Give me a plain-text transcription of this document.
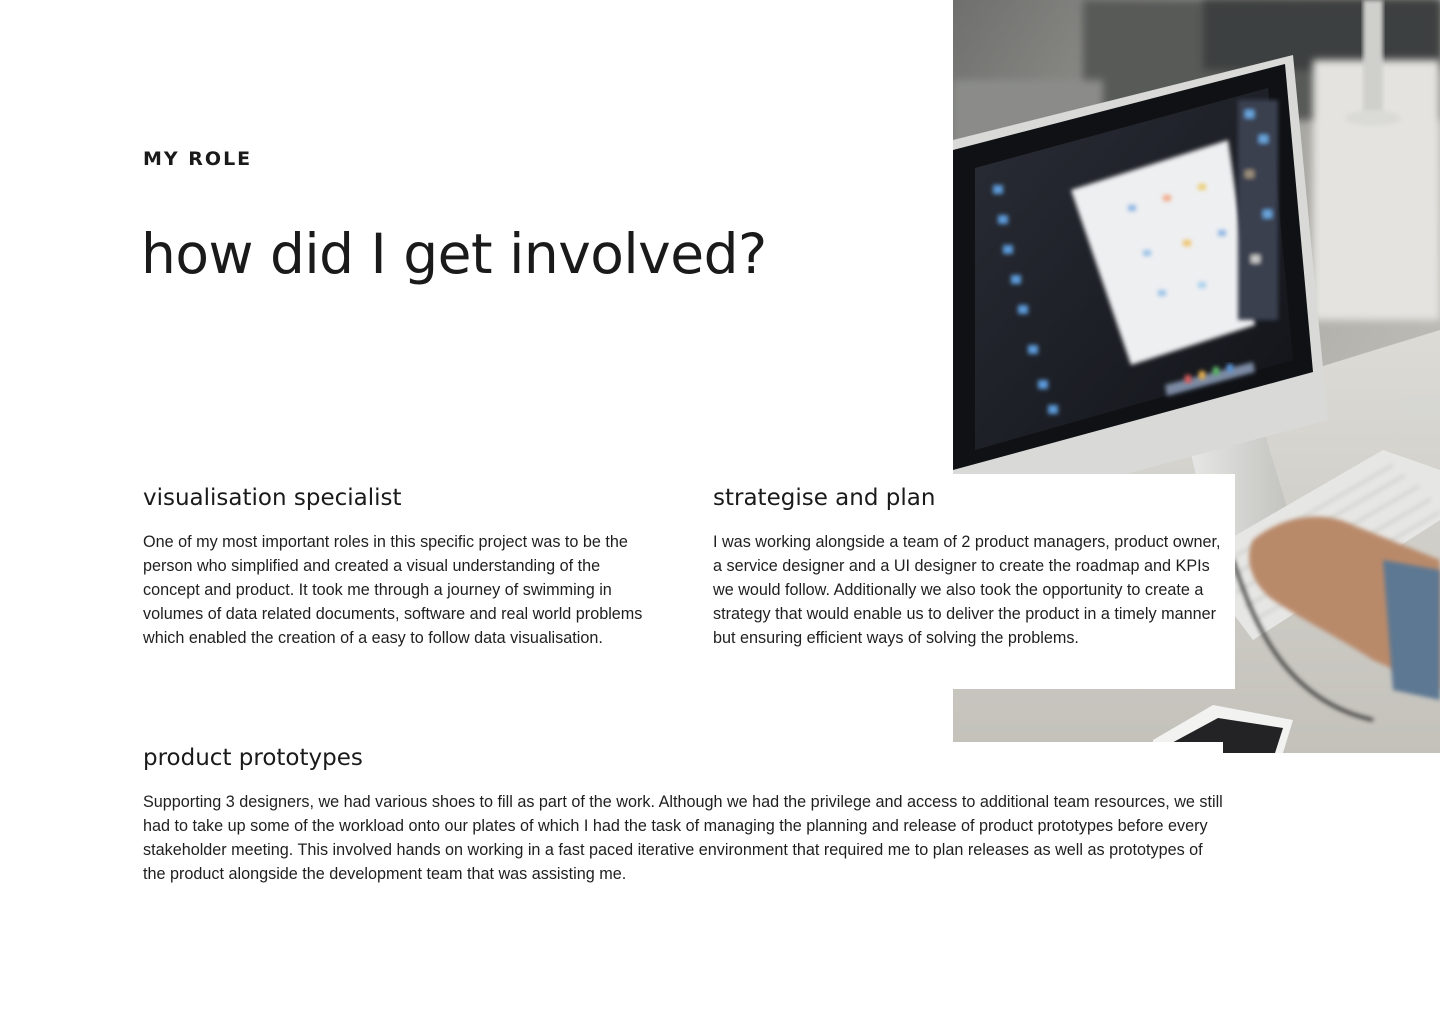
MY ROLE
how did I get involved?
visualisation specialist

One of my most important roles in this specific project was to be the person who simplified and created a visual understanding of the concept and product. It took me through a journey of swimming in volumes of data related documents, software and real world problems which enabled the creation of a easy to follow data visualisation.

strategise and plan

I was working alongside a team of 2 product managers, product owner, a service designer and a UI designer to create the roadmap and KPIs we would follow. Additionally we also took the opportunity to create a strategy that would enable us to deliver the product in a timely manner but ensuring efficient ways of solving the problems.

product prototypes

Supporting 3 designers, we had various shoes to fill as part of the work. Although we had the privilege and access to additional team resources, we still had to take up some of the workload onto our plates of which I had the task of managing the planning and release of product prototypes before every stakeholder meeting. This involved hands on working in a fast paced iterative environment that required me to plan releases as well as prototypes of the product alongside the development team that was assisting me.
